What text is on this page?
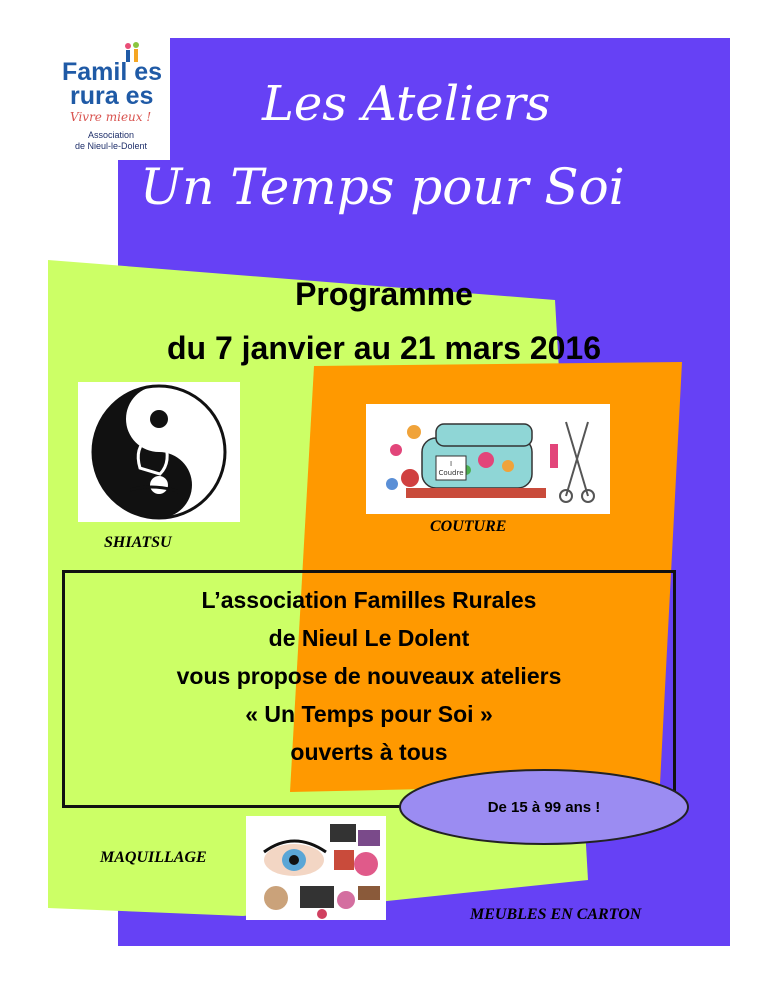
Famil es
rura es
Vivre mieux !
Association
de Nieul-le-Dolent
Les Ateliers
Un Temps pour Soi
Programme
du 7 janvier au 21 mars 2016
SHIATSU
I
Coudre
COUTURE
L’association Familles Rurales
de Nieul Le Dolent
vous propose de nouveaux ateliers
« Un Temps pour Soi »
ouverts à tous
De 15 à 99 ans !
MAQUILLAGE
MEUBLES EN CARTON
